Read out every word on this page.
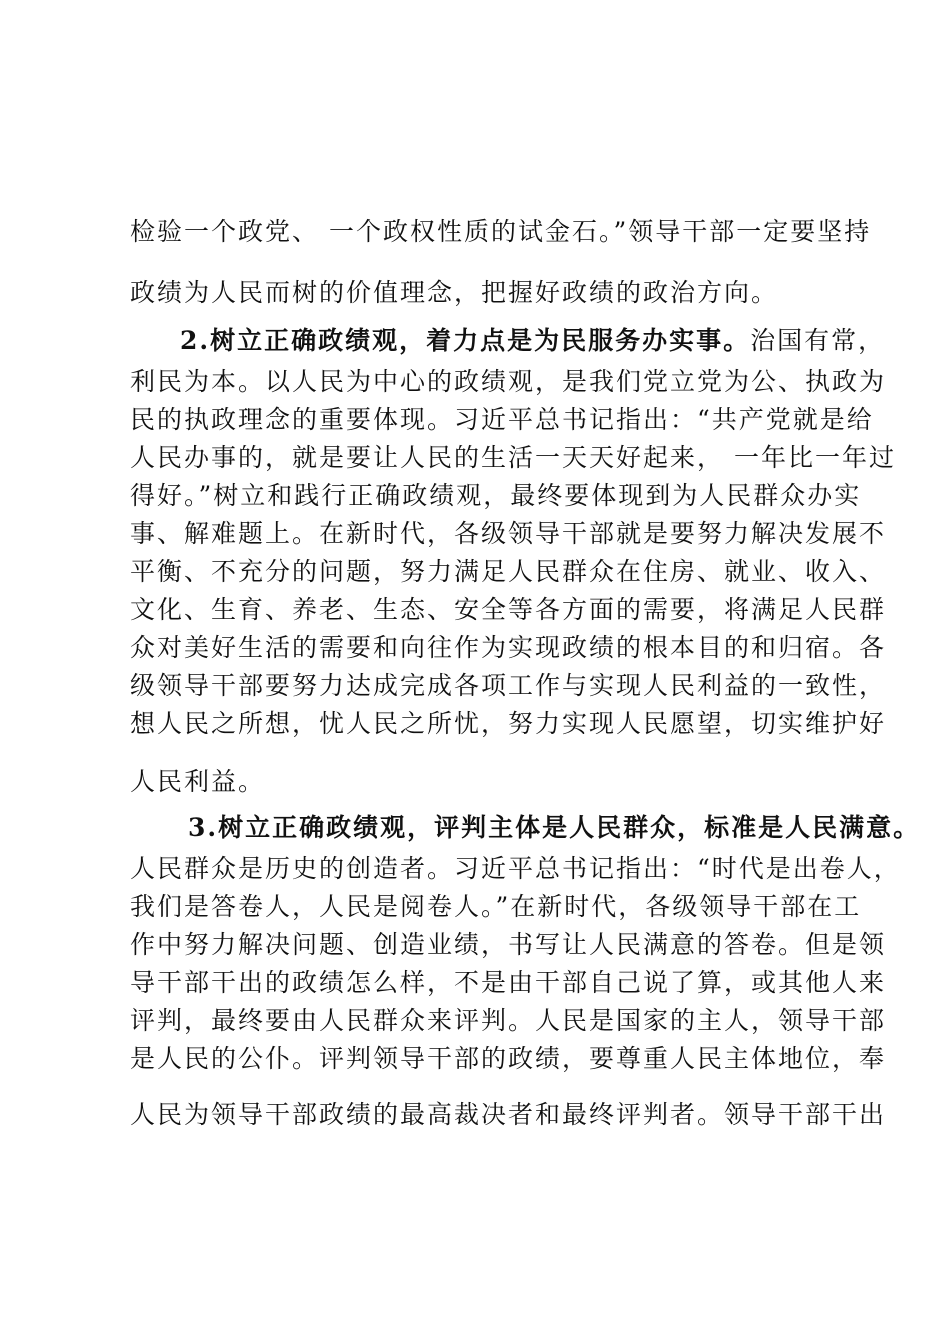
检验一个政党、 一个政权性质的试金石。”领导干部一定要坚持
政绩为人民而树的价值理念，把握好政绩的政治方向。
2.树立正确政绩观，着力点是为民服务办实事。治国有常，
利民为本。以人民为中心的政绩观，是我们党立党为公、执政为
民的执政理念的重要体现。习近平总书记指出：“共产党就是给
人民办事的，就是要让人民的生活一天天好起来， 一年比一年过
得好。”树立和践行正确政绩观，最终要体现到为人民群众办实
事、解难题上。在新时代，各级领导干部就是要努力解决发展不
平衡、不充分的问题，努力满足人民群众在住房、就业、收入、
文化、生育、养老、生态、安全等各方面的需要，将满足人民群
众对美好生活的需要和向往作为实现政绩的根本目的和归宿。各
级领导干部要努力达成完成各项工作与实现人民利益的一致性，
想人民之所想，忧人民之所忧，努力实现人民愿望，切实维护好
人民利益。
3.树立正确政绩观，评判主体是人民群众，标准是人民满意。
人民群众是历史的创造者。习近平总书记指出：“时代是出卷人，
我们是答卷人，人民是阅卷人。”在新时代，各级领导干部在工
作中努力解决问题、创造业绩，书写让人民满意的答卷。但是领
导干部干出的政绩怎么样，不是由干部自己说了算，或其他人来
评判，最终要由人民群众来评判。人民是国家的主人，领导干部
是人民的公仆。评判领导干部的政绩，要尊重人民主体地位，奉
人民为领导干部政绩的最高裁决者和最终评判者。领导干部干出
